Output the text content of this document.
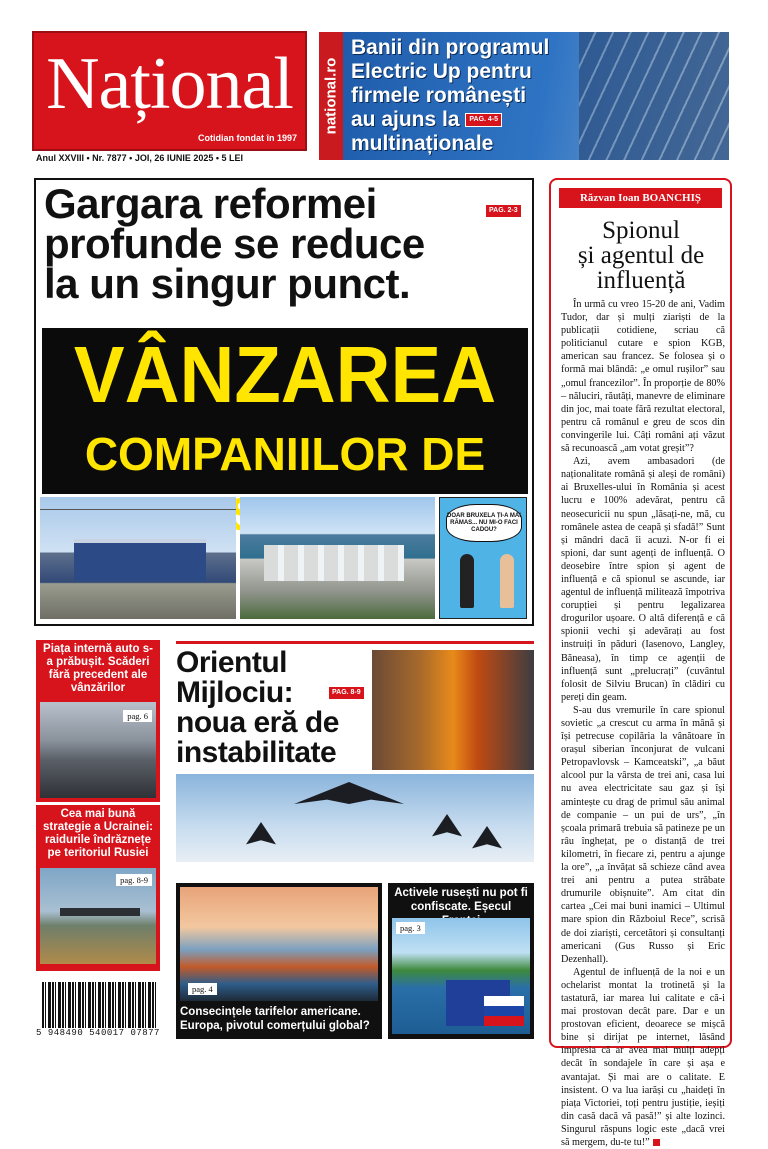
Național
Cotidian fondat în 1997
Anul XXVIII • Nr. 7877 • JOI, 26 IUNIE 2025 • 5 LEI
national.ro
Banii din programul
Electric Up pentru
firmele românești
au ajuns la PAG. 4-5
multinaționale
Gargara reformei
profunde se reduce
la un singur punct.
PAG. 2-3
VÂNZAREA
COMPANIILOR DE
DOAR BRUXELA ȚI-A MAI RĂMAS... NU MI-O FACI CADOU?
Răzvan Ioan BOANCHIȘ
Spionul
și agentul de
influență

În urmă cu vreo 15-20 de ani, Vadim Tudor, dar și mulți ziariști de la publicații cotidiene, scriau că politicianul cutare e spion KGB, american sau francez. Se folosea și o formă mai blândă: „e omul rușilor” sau „omul francezilor”. În proporție de 80% – năluciri, răutăți, manevre de eliminare din joc, mai toate fără rezultat electoral, pentru că românul e greu de scos din convingerile lui. Câți români ați văzut să recunoască „am votat greșit”?

Azi, avem ambasadori (de naționalitate română și aleși de români) ai Bruxelles-ului în România și acest lucru e 100% adevărat, pentru că neosecuricii nu spun „lăsați-ne, mă, cu românele astea de ceapă și sfadă!” Sunt și mândri dacă îi acuzi. N-or fi ei spioni, dar sunt agenți de influență. O deosebire între spion și agent de influență e că spionul se ascunde, iar agentul de influență militează împotriva corupției și pentru legalizarea drogurilor ușoare. O altă diferență e că spionii vechi și adevărați au fost instruiți în păduri (Iasenovo, Langley, Băneasa), în timp ce agenții de influență sunt „prelucrați” (cuvântul folosit de Silviu Brucan) în clădiri cu pereți din geam.

S-au dus vremurile în care spionul sovietic „a crescut cu arma în mână și își petrecuse copilăria la vânătoare în orașul siberian înconjurat de vulcani Petropavlovsk – Kamceatski”, „a băut alcool pur la vârsta de trei ani, casa lui nu avea electricitate sau gaz și își amintește cu drag de primul său animal de companie – un pui de urs”, „în școala primară trebuia să patineze pe un râu înghețat, pe o distanță de trei kilometri, în fiecare zi, pentru a ajunge la ore”, „a învățat să schieze când avea trei ani pentru a putea străbate drumurile obișnuite”. Am citat din cartea „Cei mai buni inamici – Ultimul mare spion din Războiul Rece”, scrisă de doi ziariști, cercetători și consultanți americani (Gus Russo și Eric Dezenhall).

Agentul de influență de la noi e un ochelarist montat la trotinetă și la tastatură, iar marea lui calitate e că-i mai prostovan decât pare. Dar e un prostovan eficient, deoarece se mișcă bine și dirijat pe internet, lăsând impresia că ar avea mai mulți adepți decât în sondajele în care și așa e avantajat. Și mai are o calitate. E insistent. O va lua iarăși cu „haideți în piața Victoriei, toți pentru justiție, ieșiți din casă dacă vă pasă!” și alte lozinci. Singurul răspuns logic este „dacă vrei să mergem, du-te tu!”

Piața internă auto s-a prăbușit. Scăderi fără precedent ale vânzărilor
pag. 6
Cea mai bună strategie a Ucrainei: raidurile îndrăznețe pe teritoriul Rusiei
pag. 8-9
Orientul
Mijlociu:
noua eră de
instabilitate
PAG. 8-9
Consecințele tarifelor americane. Europa, pivotul comerțului global?
pag. 4
Activele rusești nu pot fi confiscate. Eșecul
pag. 3
5 948490 540017 07877
